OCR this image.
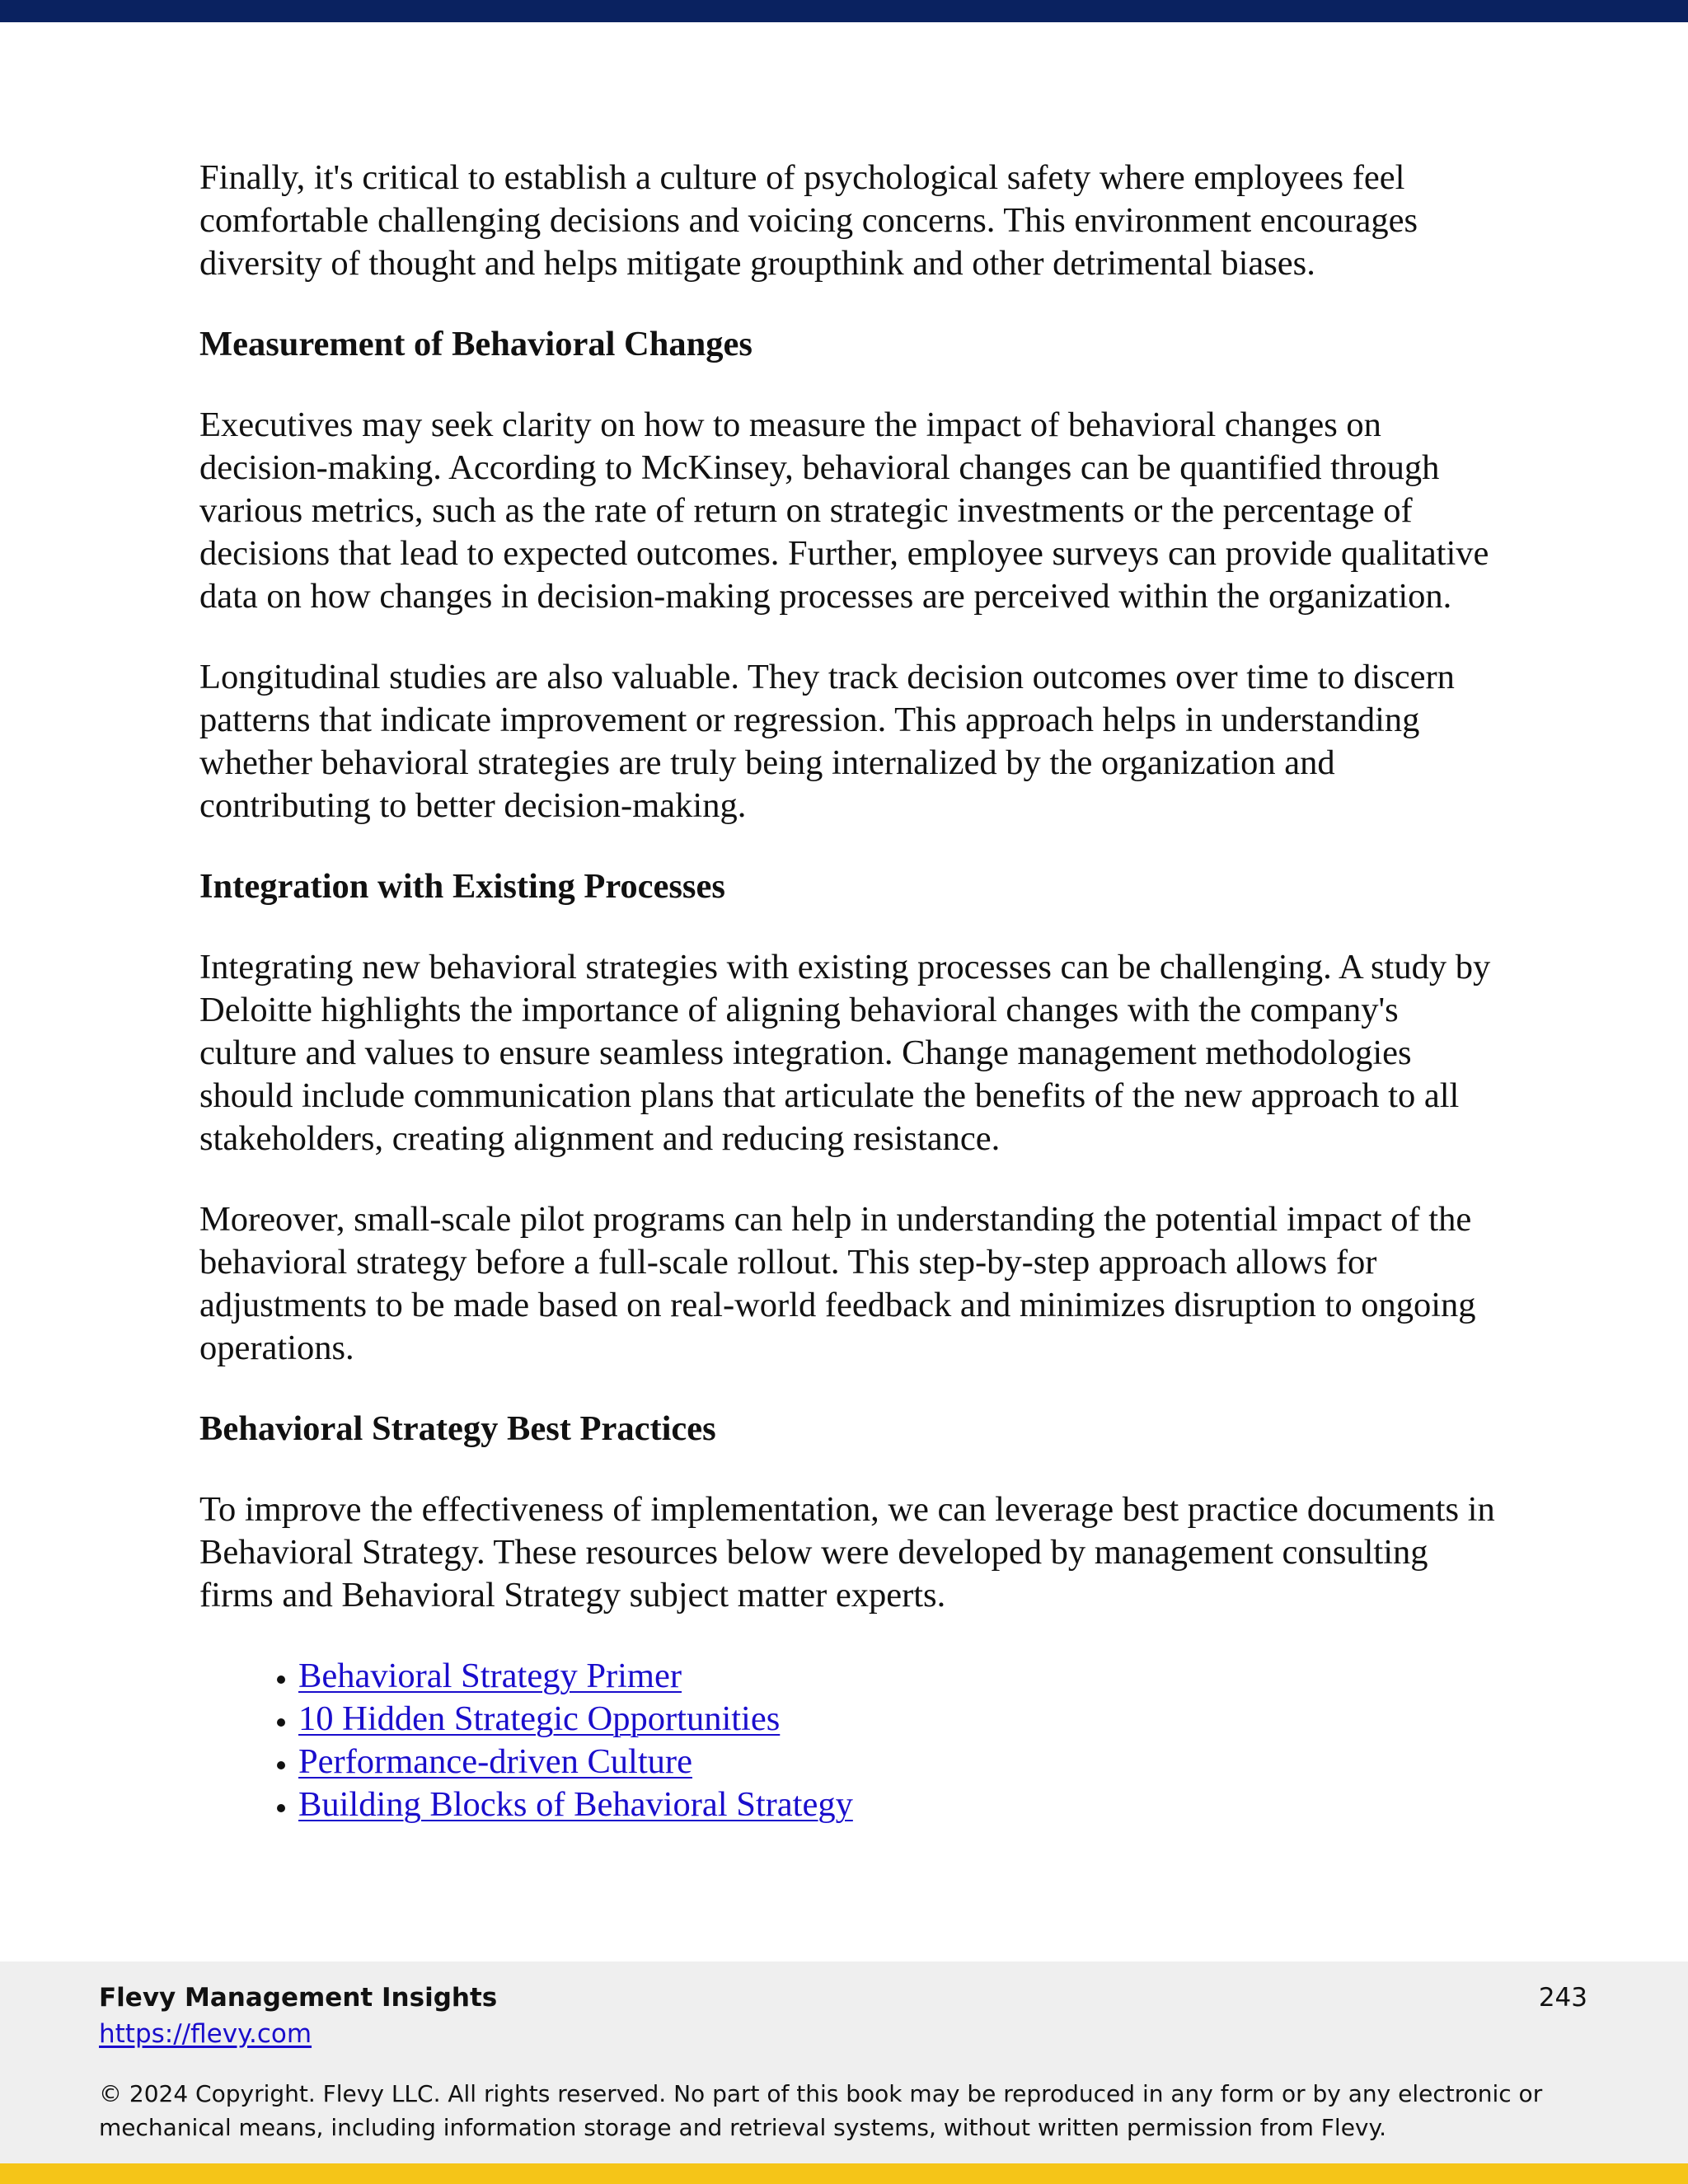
Finally, it's critical to establish a culture of psychological safety where employees feel comfortable challenging decisions and voicing concerns. This environment encourages diversity of thought and helps mitigate groupthink and other detrimental biases.

Measurement of Behavioral Changes

Executives may seek clarity on how to measure the impact of behavioral changes on decision-making. According to McKinsey, behavioral changes can be quantified through various metrics, such as the rate of return on strategic investments or the percentage of decisions that lead to expected outcomes. Further, employee surveys can provide qualitative data on how changes in decision-making processes are perceived within the organization.

Longitudinal studies are also valuable. They track decision outcomes over time to discern patterns that indicate improvement or regression. This approach helps in understanding whether behavioral strategies are truly being internalized by the organization and contributing to better decision-making.

Integration with Existing Processes

Integrating new behavioral strategies with existing processes can be challenging. A study by Deloitte highlights the importance of aligning behavioral changes with the company's culture and values to ensure seamless integration. Change management methodologies should include communication plans that articulate the benefits of the new approach to all stakeholders, creating alignment and reducing resistance.

Moreover, small-scale pilot programs can help in understanding the potential impact of the behavioral strategy before a full-scale rollout. This step-by-step approach allows for adjustments to be made based on real-world feedback and minimizes disruption to ongoing operations.

Behavioral Strategy Best Practices

To improve the effectiveness of implementation, we can leverage best practice documents in Behavioral Strategy. These resources below were developed by management consulting firms and Behavioral Strategy subject matter experts.

• Behavioral Strategy Primer
• 10 Hidden Strategic Opportunities
• Performance-driven Culture
• Building Blocks of Behavioral Strategy
Flevy Management Insights
https://flevy.com
243
© 2024 Copyright. Flevy LLC. All rights reserved. No part of this book may be reproduced in any form or by any electronic or mechanical means, including information storage and retrieval systems, without written permission from Flevy.
